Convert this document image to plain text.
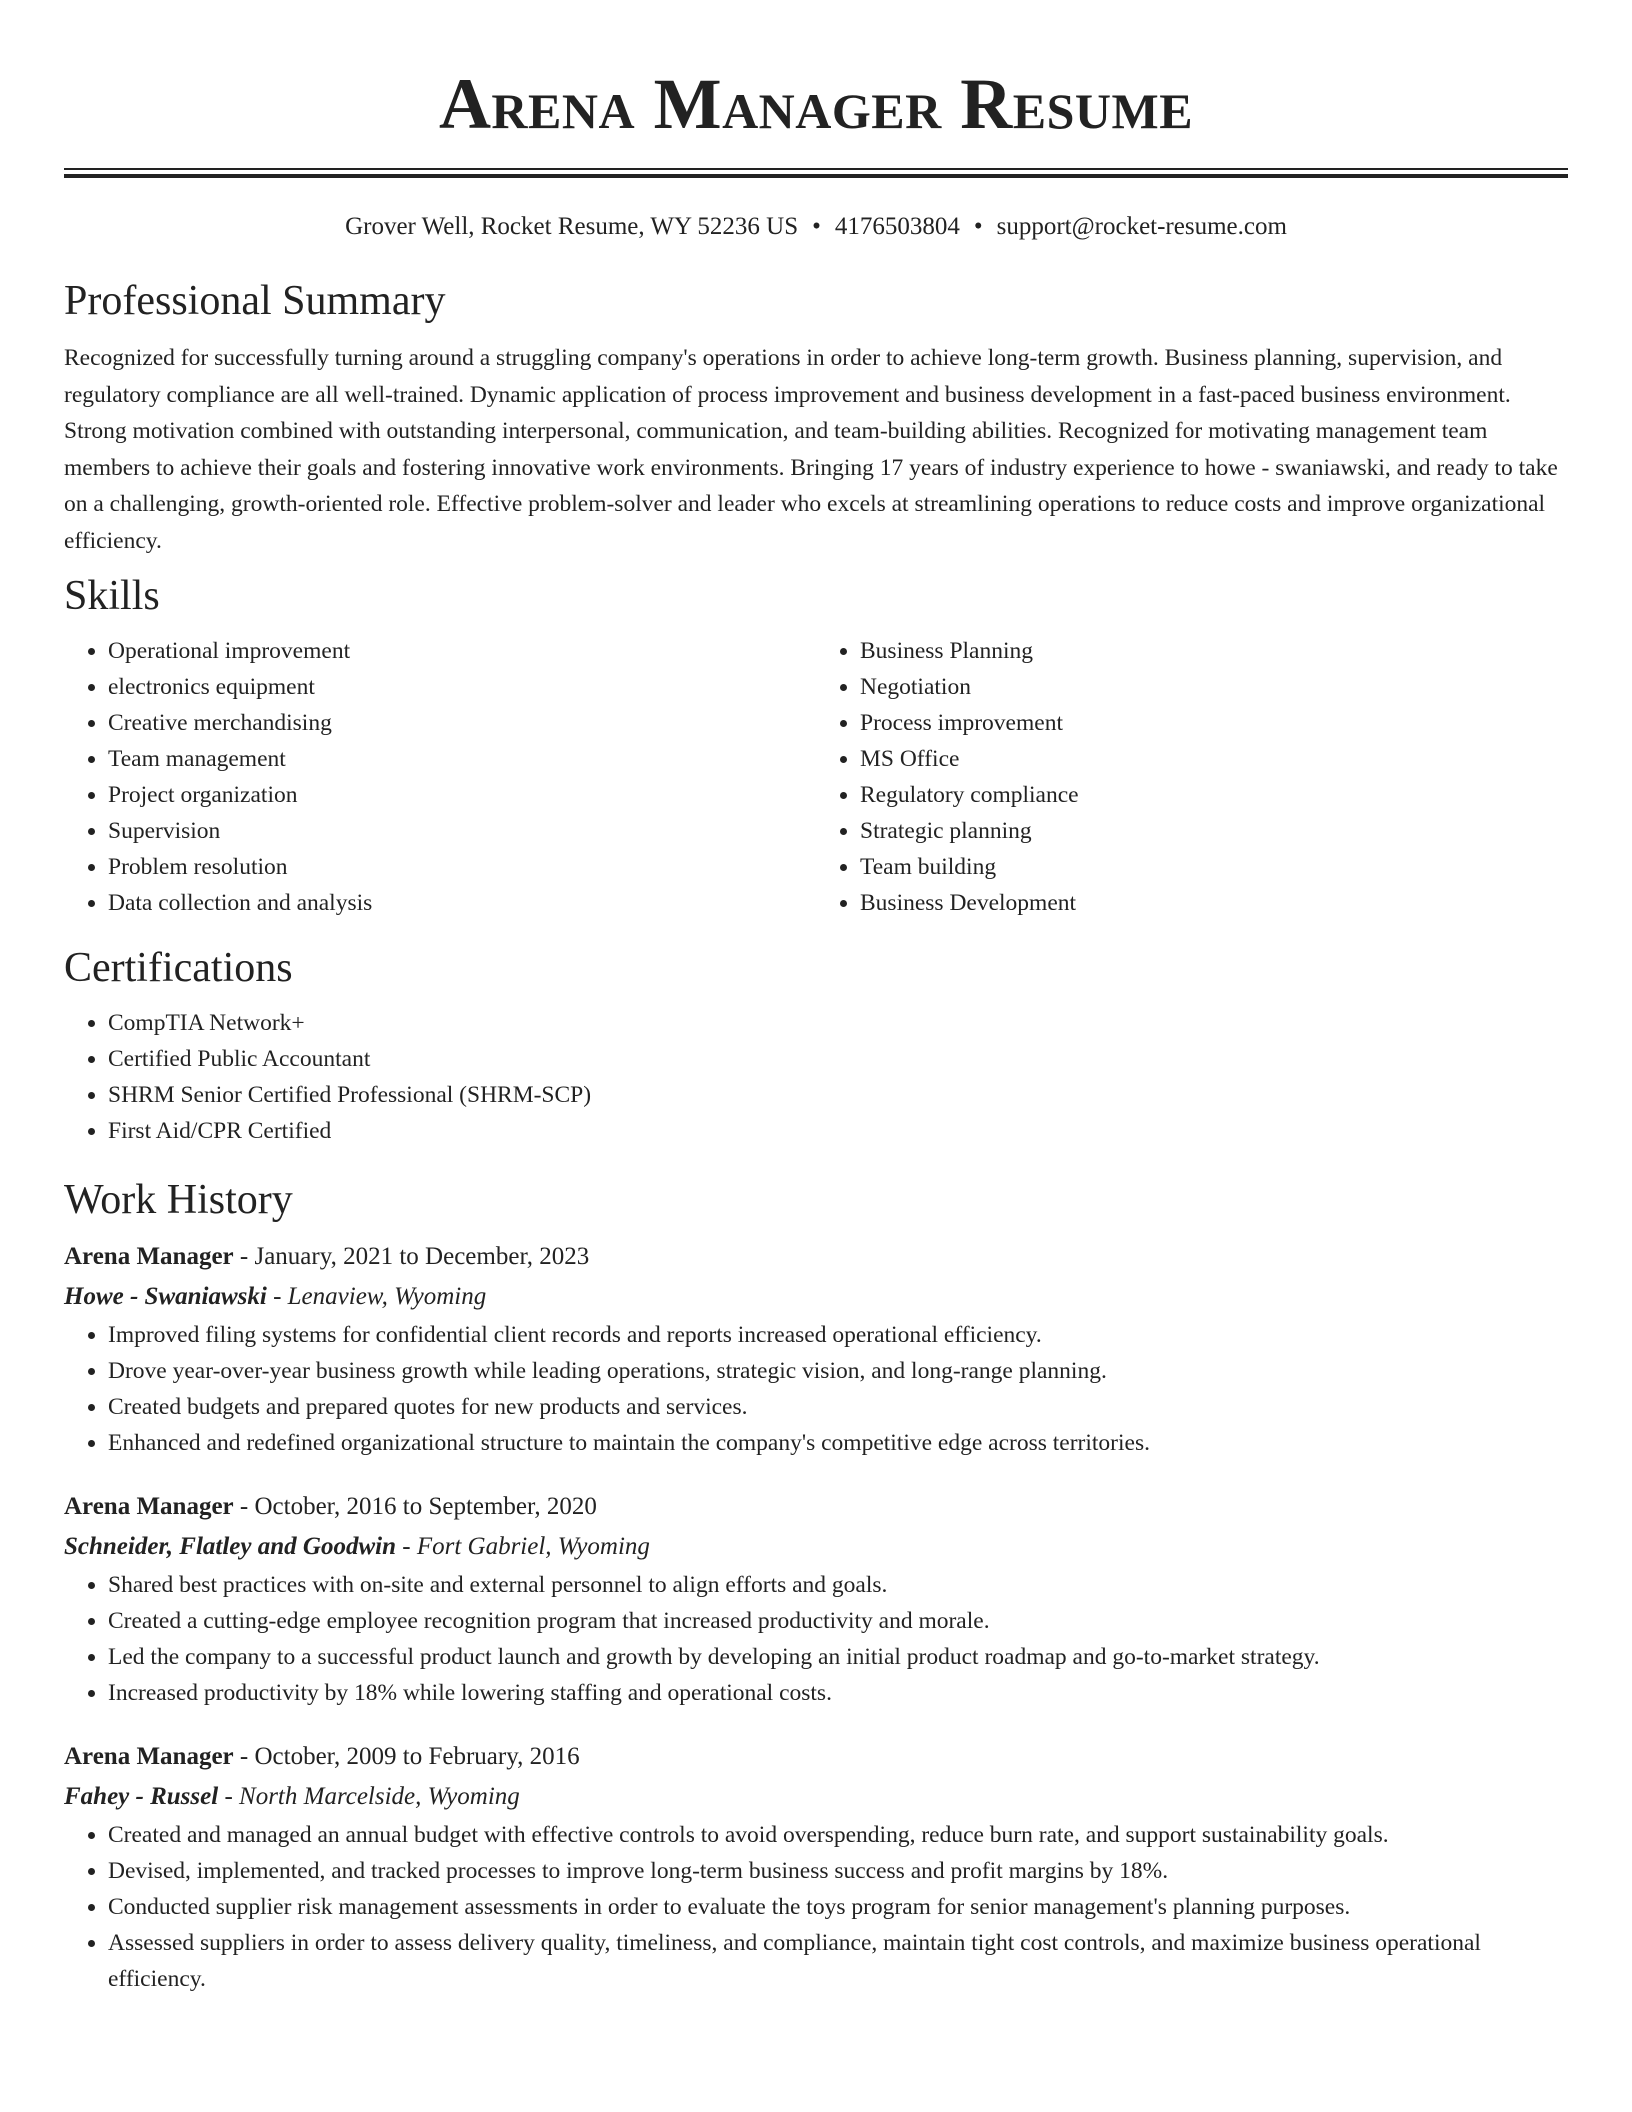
Arena Manager Resume
Grover Well, Rocket Resume, WY 52236 US • 4176503804 • support@rocket-resume.com
Professional Summary

Recognized for successfully turning around a struggling company's operations in order to achieve long-term growth. Business planning, supervision, and regulatory compliance are all well-trained. Dynamic application of process improvement and business development in a fast-paced business environment. Strong motivation combined with outstanding interpersonal, communication, and team-building abilities. Recognized for motivating management team members to achieve their goals and fostering innovative work environments. Bringing 17 years of industry experience to howe - swaniawski, and ready to take on a challenging, growth-oriented role. Effective problem-solver and leader who excels at streamlining operations to reduce costs and improve organizational efficiency.

Skills
• Operational improvement
• electronics equipment
• Creative merchandising
• Team management
• Project organization
• Supervision
• Problem resolution
• Data collection and analysis
• Business Planning
• Negotiation
• Process improvement
• MS Office
• Regulatory compliance
• Strategic planning
• Team building
• Business Development
Certifications
• CompTIA Network+
• Certified Public Accountant
• SHRM Senior Certified Professional (SHRM-SCP)
• First Aid/CPR Certified
Work History
Arena Manager - January, 2021 to December, 2023
Howe - Swaniawski - Lenaview, Wyoming
• Improved filing systems for confidential client records and reports increased operational efficiency.
• Drove year-over-year business growth while leading operations, strategic vision, and long-range planning.
• Created budgets and prepared quotes for new products and services.
• Enhanced and redefined organizational structure to maintain the company's competitive edge across territories.
Arena Manager - October, 2016 to September, 2020
Schneider, Flatley and Goodwin - Fort Gabriel, Wyoming
• Shared best practices with on-site and external personnel to align efforts and goals.
• Created a cutting-edge employee recognition program that increased productivity and morale.
• Led the company to a successful product launch and growth by developing an initial product roadmap and go-to-market strategy.
• Increased productivity by 18% while lowering staffing and operational costs.
Arena Manager - October, 2009 to February, 2016
Fahey - Russel - North Marcelside, Wyoming
• Created and managed an annual budget with effective controls to avoid overspending, reduce burn rate, and support sustainability goals.
• Devised, implemented, and tracked processes to improve long-term business success and profit margins by 18%.
• Conducted supplier risk management assessments in order to evaluate the toys program for senior management's planning purposes.
• Assessed suppliers in order to assess delivery quality, timeliness, and compliance, maintain tight cost controls, and maximize business operational efficiency.
